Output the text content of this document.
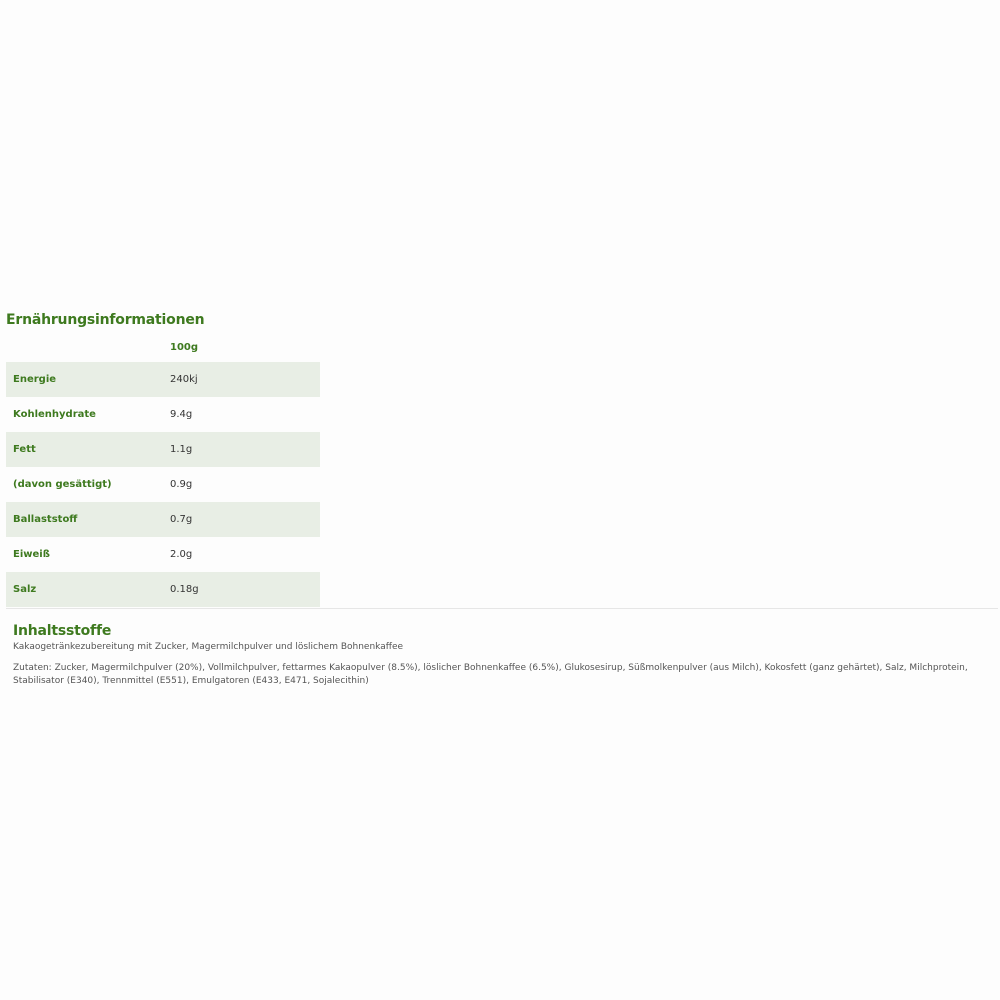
Ernährungsinformationen
	100g
Energie	240kj
Kohlenhydrate	9.4g
Fett	1.1g
(davon gesättigt)	0.9g
Ballaststoff	0.7g
Eiweiß	2.0g
Salz	0.18g
Inhaltsstoffe

Kakaogetränkezubereitung mit Zucker, Magermilchpulver und löslichem Bohnenkaffee

Zutaten: Zucker, Magermilchpulver (20%), Vollmilchpulver, fettarmes Kakaopulver (8.5%), löslicher Bohnenkaffee (6.5%), Glukosesirup, Süßmolkenpulver (aus Milch), Kokosfett (ganz gehärtet), Salz, Milchprotein, Stabilisator (E340), Trennmittel (E551), Emulgatoren (E433, E471, Sojalecithin)
